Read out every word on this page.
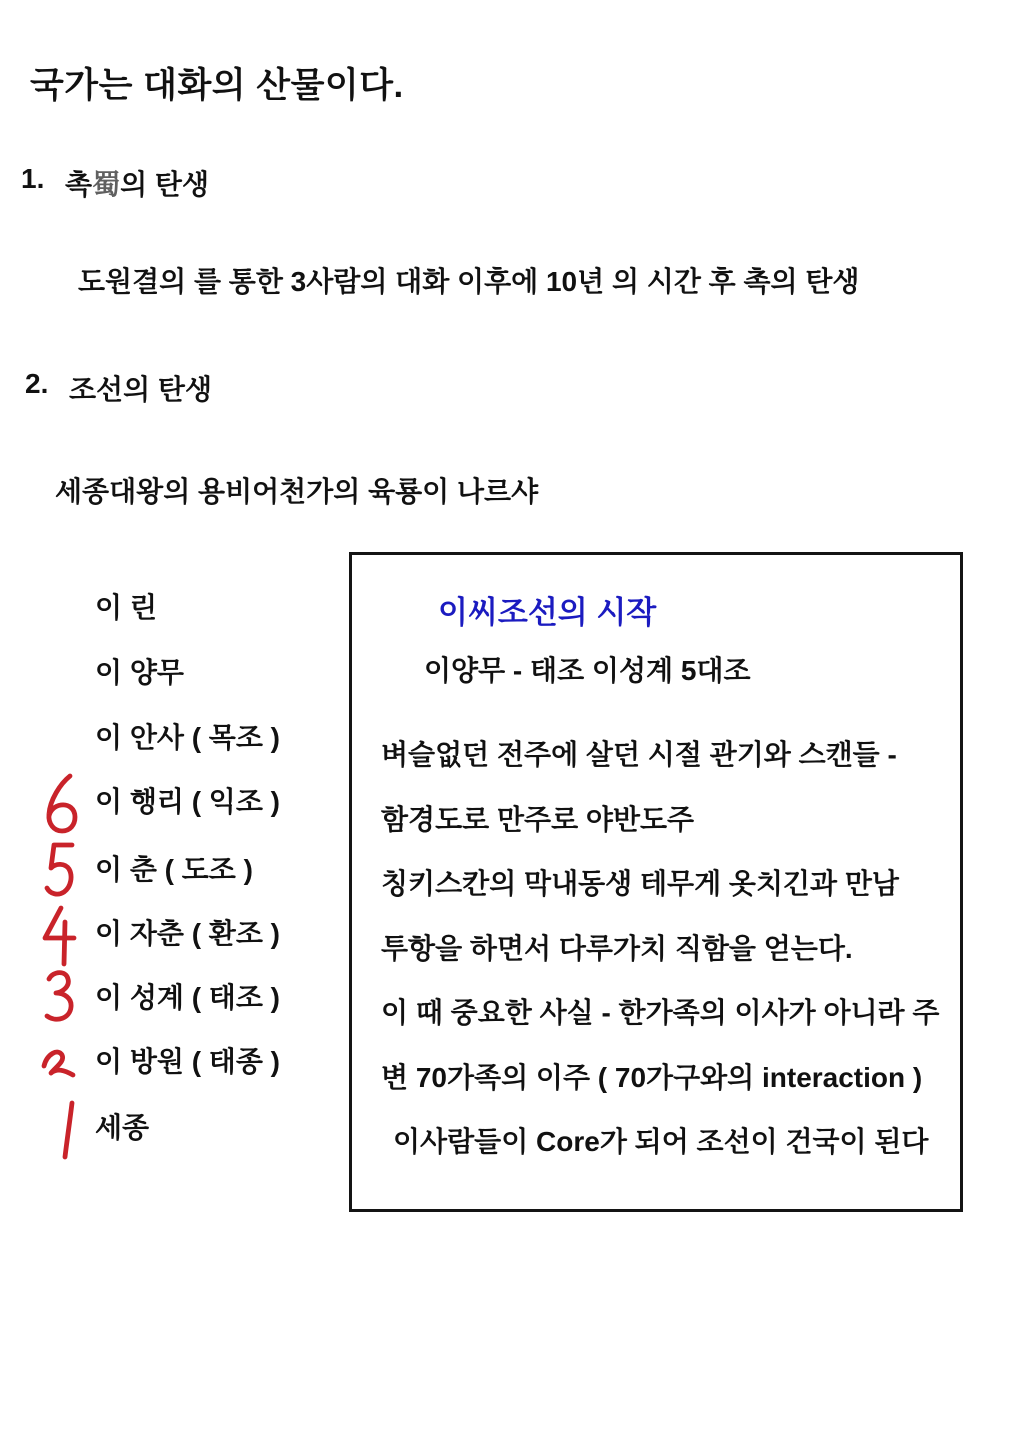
국가는 대화의 산물이다.
1. 촉蜀의 탄생

도원결의 를 통한 3사람의 대화 이후에 10년 의 시간 후 촉의 탄생

2. 조선의 탄생

세종대왕의 용비어천가의 육룡이 나르샤

이 린
이 양무
이 안사 ( 목조 )
이 행리 ( 익조 )
이 춘 ( 도조 )
이 자춘 ( 환조 )
이 성계 ( 태조 )
이 방원 ( 태종 )
세종
이씨조선의 시작
이양무 - 태조 이성계 5대조
벼슬없던 전주에 살던 시절 관기와 스캔들 -
함경도로 만주로 야반도주
칭키스칸의 막내동생 테무게 옷치긴과 만남
투항을 하면서 다루가치 직함을 얻는다.
이 때 중요한 사실 - 한가족의 이사가 아니라 주
변 70가족의 이주 ( 70가구와의 interaction )
이사람들이 Core가 되어 조선이 건국이 된다
